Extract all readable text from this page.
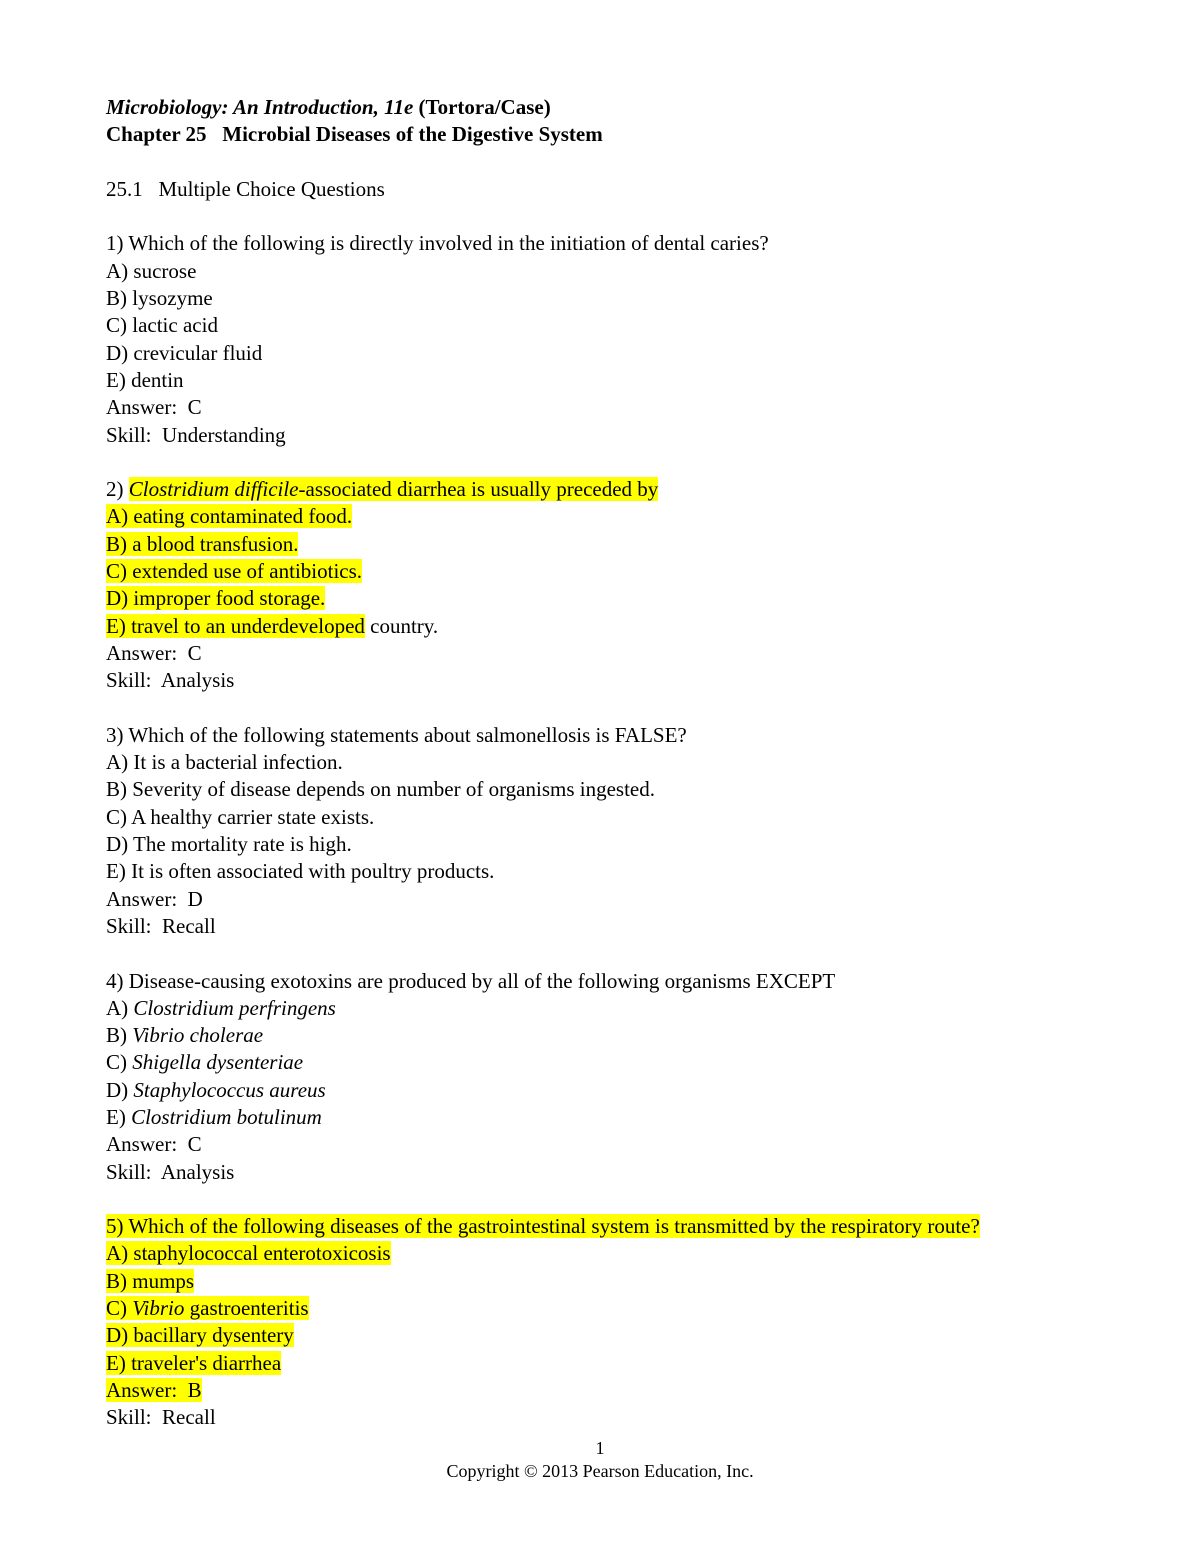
Microbiology: An Introduction, 11e (Tortora/Case)
Chapter 25   Microbial Diseases of the Digestive System
25.1   Multiple Choice Questions
1) Which of the following is directly involved in the initiation of dental caries?
A) sucrose
B) lysozyme
C) lactic acid
D) crevicular fluid
E) dentin
Answer:  C
Skill:  Understanding
2) Clostridium difficile-associated diarrhea is usually preceded by
A) eating contaminated food.
B) a blood transfusion.
C) extended use of antibiotics.
D) improper food storage.
E) travel to an underdeveloped country.
Answer:  C
Skill:  Analysis
3) Which of the following statements about salmonellosis is FALSE?
A) It is a bacterial infection.
B) Severity of disease depends on number of organisms ingested.
C) A healthy carrier state exists.
D) The mortality rate is high.
E) It is often associated with poultry products.
Answer:  D
Skill:  Recall
4) Disease-causing exotoxins are produced by all of the following organisms EXCEPT
A) Clostridium perfringens
B) Vibrio cholerae
C) Shigella dysenteriae
D) Staphylococcus aureus
E) Clostridium botulinum
Answer:  C
Skill:  Analysis
5) Which of the following diseases of the gastrointestinal system is transmitted by the respiratory route?
A) staphylococcal enterotoxicosis
B) mumps
C) Vibrio gastroenteritis
D) bacillary dysentery
E) traveler's diarrhea
Answer:  B
Skill:  Recall
1
Copyright © 2013 Pearson Education, Inc.
